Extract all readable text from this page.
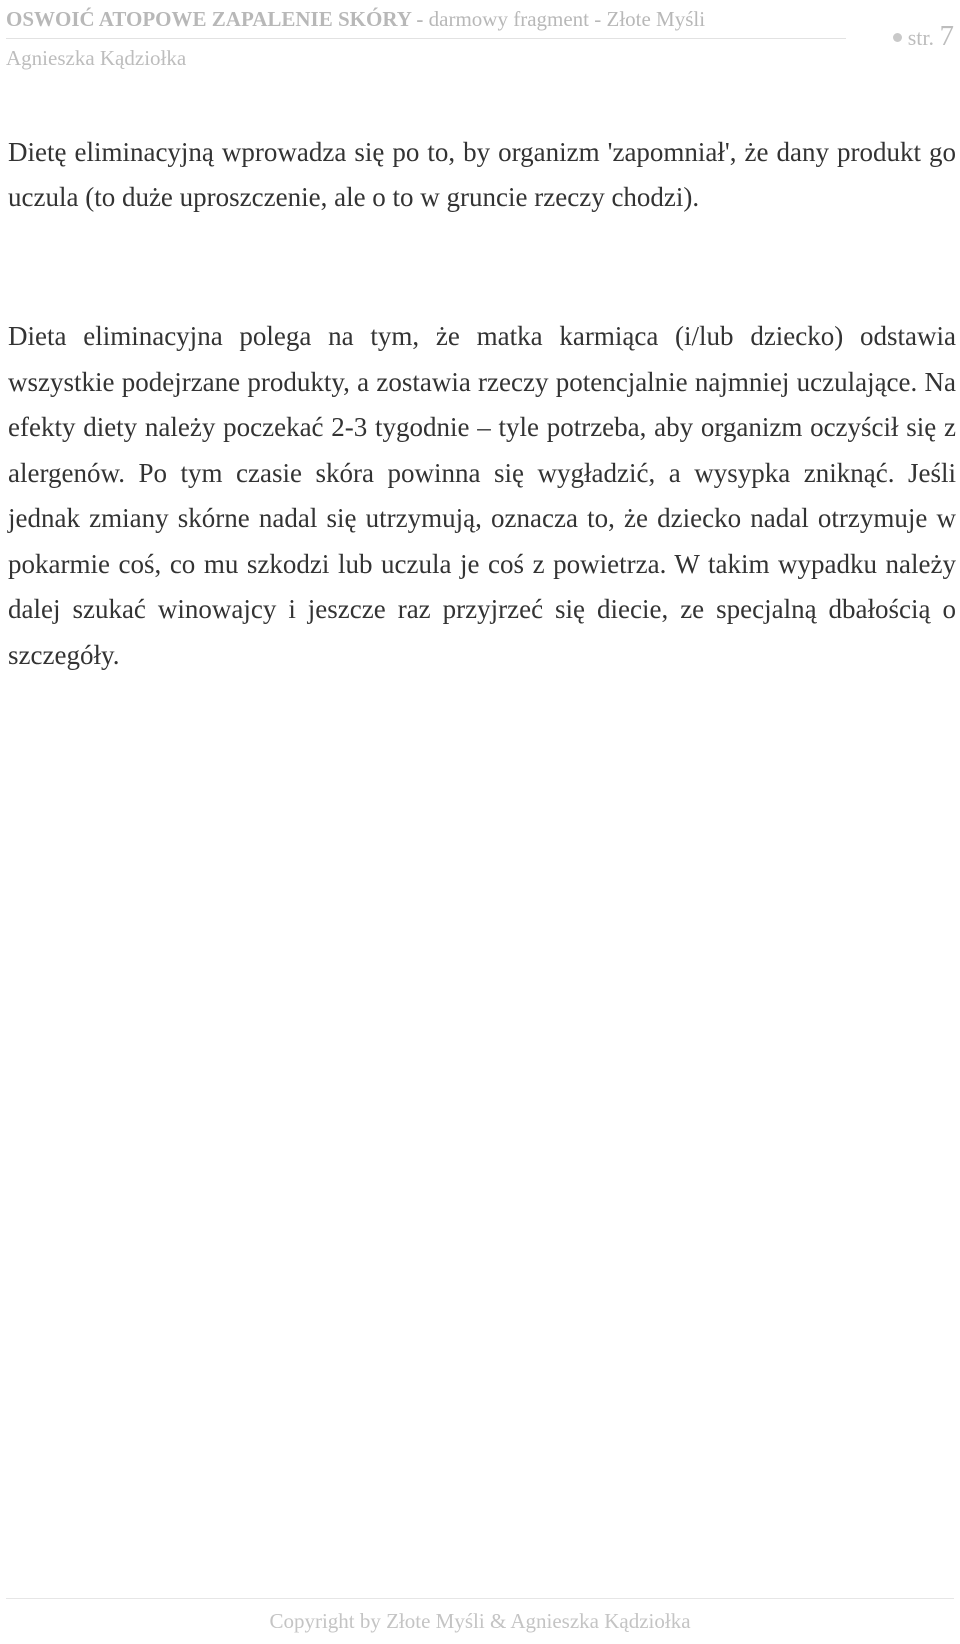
OSWOIĆ ATOPOWE ZAPALENIE SKÓRY - darmowy fragment - Złote Myśli
Agnieszka Kądziołka
str. 7

Dietę eliminacyjną wprowadza się po to, by organizm 'zapomniał', że dany produkt go uczula (to duże uproszczenie, ale o to w gruncie rzeczy chodzi).

Dieta eliminacyjna polega na tym, że matka karmiąca (i/lub dziecko) odstawia wszystkie podejrzane produkty, a zostawia rzeczy potencjalnie najmniej uczulające. Na efekty diety należy poczekać 2-3 tygodnie – tyle potrzeba, aby organizm oczyścił się z alergenów. Po tym czasie skóra powinna się wygładzić, a wysypka zniknąć. Jeśli jednak zmiany skórne nadal się utrzymują, oznacza to, że dziecko nadal otrzymuje w pokarmie coś, co mu szkodzi lub uczula je coś z powietrza. W takim wypadku należy dalej szukać winowajcy i jeszcze raz przyjrzeć się diecie, ze specjalną dbałością o szczegóły.

Copyright by Złote Myśli & Agnieszka Kądziołka
